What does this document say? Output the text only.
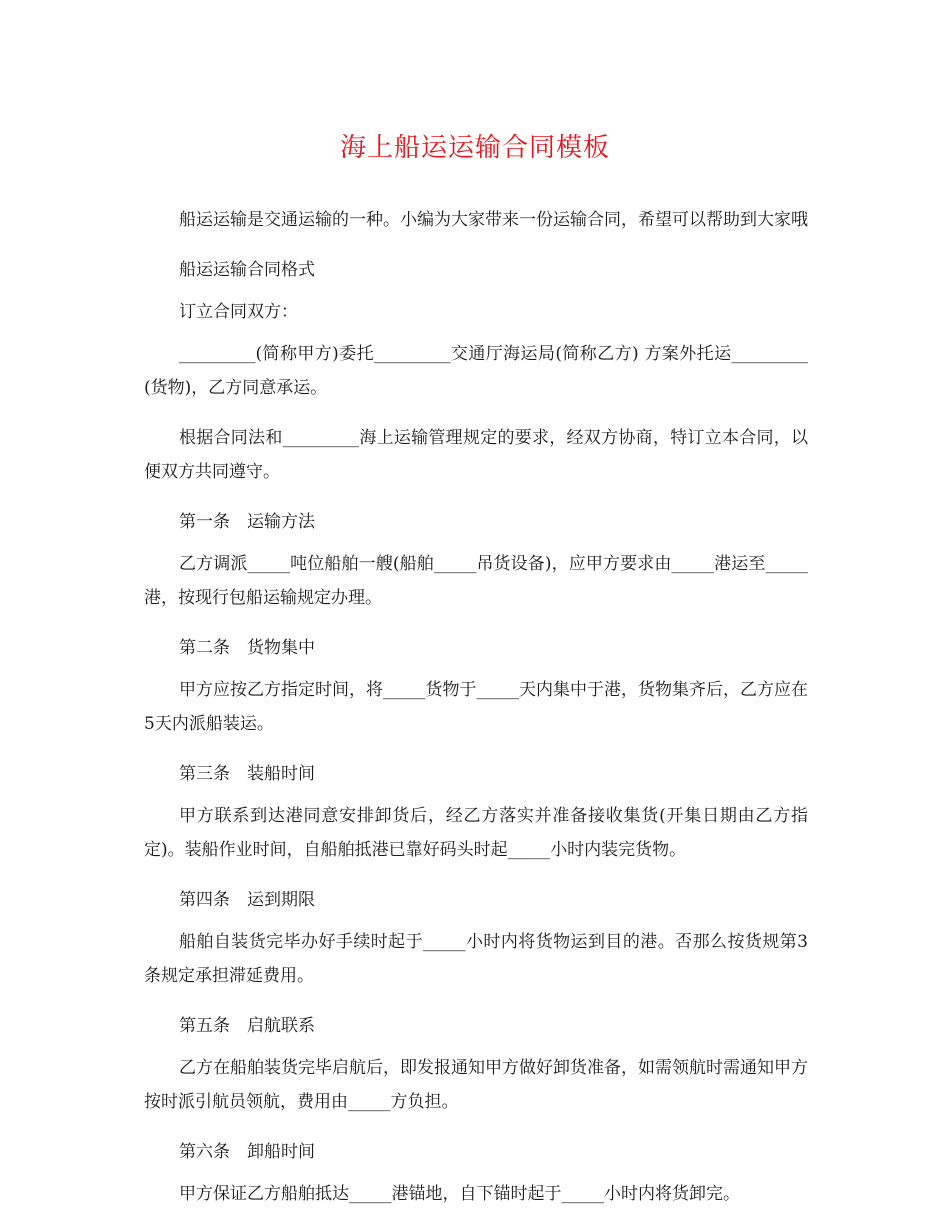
海上船运运输合同模板

船运运输是交通运输的一种。小编为大家带来一份运输合同，希望可以帮助到大家哦

船运运输合同格式

订立合同双方：

_________(简称甲方)委托_________交通厅海运局(简称乙方) 方案外托运_________(货物)，乙方同意承运。

根据合同法和_________海上运输管理规定的要求，经双方协商，特订立本合同，以便双方共同遵守。

第一条　运输方法

乙方调派_____吨位船舶一艘(船舶_____吊货设备)，应甲方要求由_____港运至_____港，按现行包船运输规定办理。

第二条　货物集中

甲方应按乙方指定时间，将_____货物于_____天内集中于港，货物集齐后，乙方应在5天内派船装运。

第三条　装船时间

甲方联系到达港同意安排卸货后，经乙方落实并准备接收集货(开集日期由乙方指定)。装船作业时间，自船舶抵港已靠好码头时起_____小时内装完货物。

第四条　运到期限

船舶自装货完毕办好手续时起于_____小时内将货物运到目的港。否那么按货规第3条规定承担滞延费用。

第五条　启航联系

乙方在船舶装货完毕启航后，即发报通知甲方做好卸货准备，如需领航时需通知甲方按时派引航员领航，费用由_____方负担。

第六条　卸船时间

甲方保证乙方船舶抵达_____港锚地，自下锚时起于_____小时内将货卸完。
